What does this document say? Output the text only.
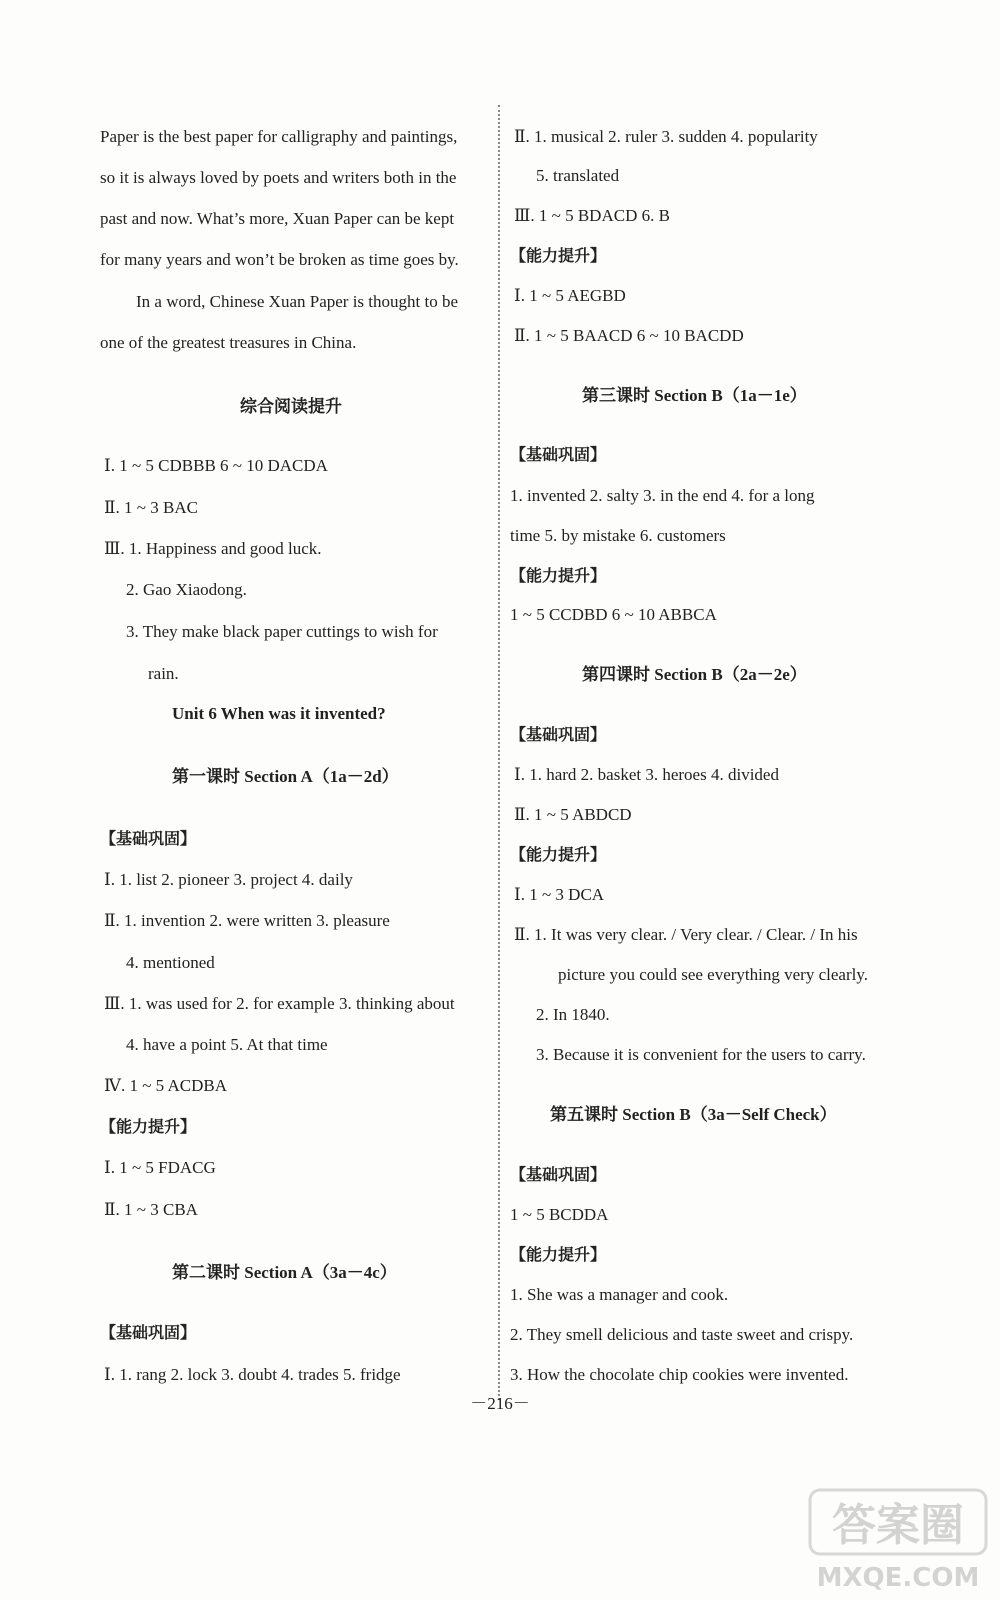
Paper is the best paper for calligraphy and paintings,
so it is always loved by poets and writers both in the
past and now. What’s more, Xuan Paper can be kept
for many years and won’t be broken as time goes by.
In a word, Chinese Xuan Paper is thought to be
one of the greatest treasures in China.
综合阅读提升
Ⅰ. 1 ~ 5 CDBBB 6 ~ 10 DACDA
Ⅱ. 1 ~ 3 BAC
Ⅲ. 1. Happiness and good luck.
2. Gao Xiaodong.
3. They make black paper cuttings to wish for
rain.
Unit 6 When was it invented?
第一课时 Section A（1a－2d）
【基础巩固】
Ⅰ. 1. list 2. pioneer 3. project 4. daily
Ⅱ. 1. invention 2. were written 3. pleasure
4. mentioned
Ⅲ. 1. was used for 2. for example 3. thinking about
4. have a point 5. At that time
Ⅳ. 1 ~ 5 ACDBA
【能力提升】
Ⅰ. 1 ~ 5 FDACG
Ⅱ. 1 ~ 3 CBA
第二课时 Section A（3a－4c）
【基础巩固】
Ⅰ. 1. rang 2. lock 3. doubt 4. trades 5. fridge
Ⅱ. 1. musical 2. ruler 3. sudden 4. popularity
5. translated
Ⅲ. 1 ~ 5 BDACD 6. B
【能力提升】
Ⅰ. 1 ~ 5 AEGBD
Ⅱ. 1 ~ 5 BAACD 6 ~ 10 BACDD
第三课时 Section B（1a－1e）
【基础巩固】
1. invented 2. salty 3. in the end 4. for a long
time 5. by mistake 6. customers
【能力提升】
1 ~ 5 CCDBD 6 ~ 10 ABBCA
第四课时 Section B（2a－2e）
【基础巩固】
Ⅰ. 1. hard 2. basket 3. heroes 4. divided
Ⅱ. 1 ~ 5 ABDCD
【能力提升】
Ⅰ. 1 ~ 3 DCA
Ⅱ. 1. It was very clear. / Very clear. / Clear. / In his
picture you could see everything very clearly.
2. In 1840.
3. Because it is convenient for the users to carry.
第五课时 Section B（3a－Self Check）
【基础巩固】
1 ~ 5 BCDDA
【能力提升】
1. She was a manager and cook.
2. They smell delicious and taste sweet and crispy.
3. How the chocolate chip cookies were invented.
－216－
答案圈
MXQE.COM
